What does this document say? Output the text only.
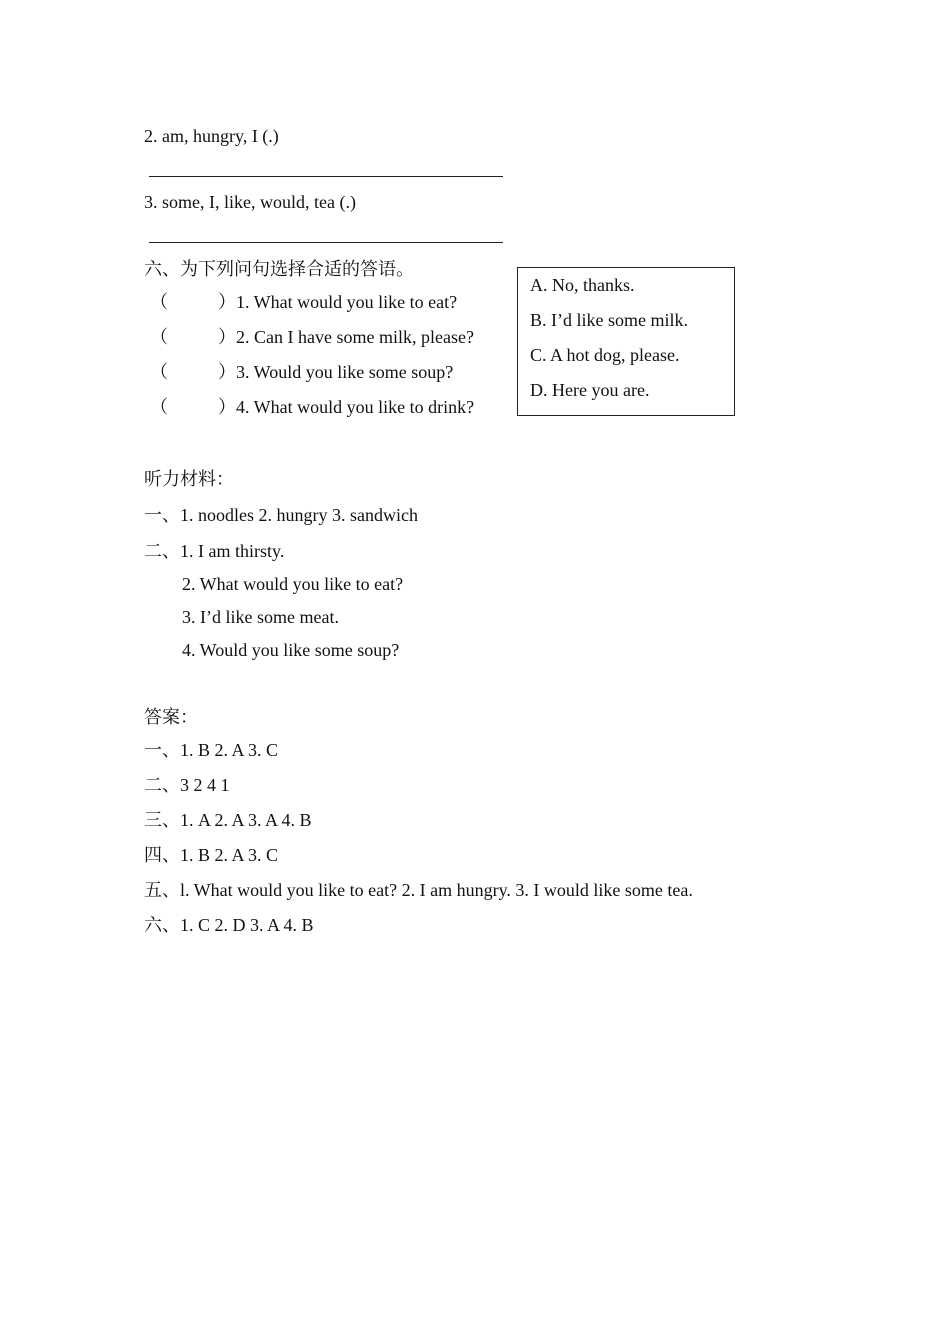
2. am, hungry, I (.)
3. some, I, like, would, tea (.)
六、为下列问句选择合适的答语。
（	）1. What would you like to eat?
（	）2. Can I have some milk, please?
（	）3. Would you like some soup?
（	）4. What would you like to drink?
A. No, thanks.
B. I’d like some milk.
C. A hot dog, please.
D. Here you are.
听力材料：
一、1. noodles 2. hungry 3. sandwich
二、1. I am thirsty.
2. What would you like to eat?
3. I’d like some meat.
4. Would you like some soup?
答案：
一、1. B 2. A 3. C
二、3 2 4 1
三、1. A 2. A 3. A 4. B
四、1. B 2. A 3. C
五、l. What would you like to eat? 2. I am hungry. 3. I would like some tea.
六、1. C 2. D 3. A 4. B
